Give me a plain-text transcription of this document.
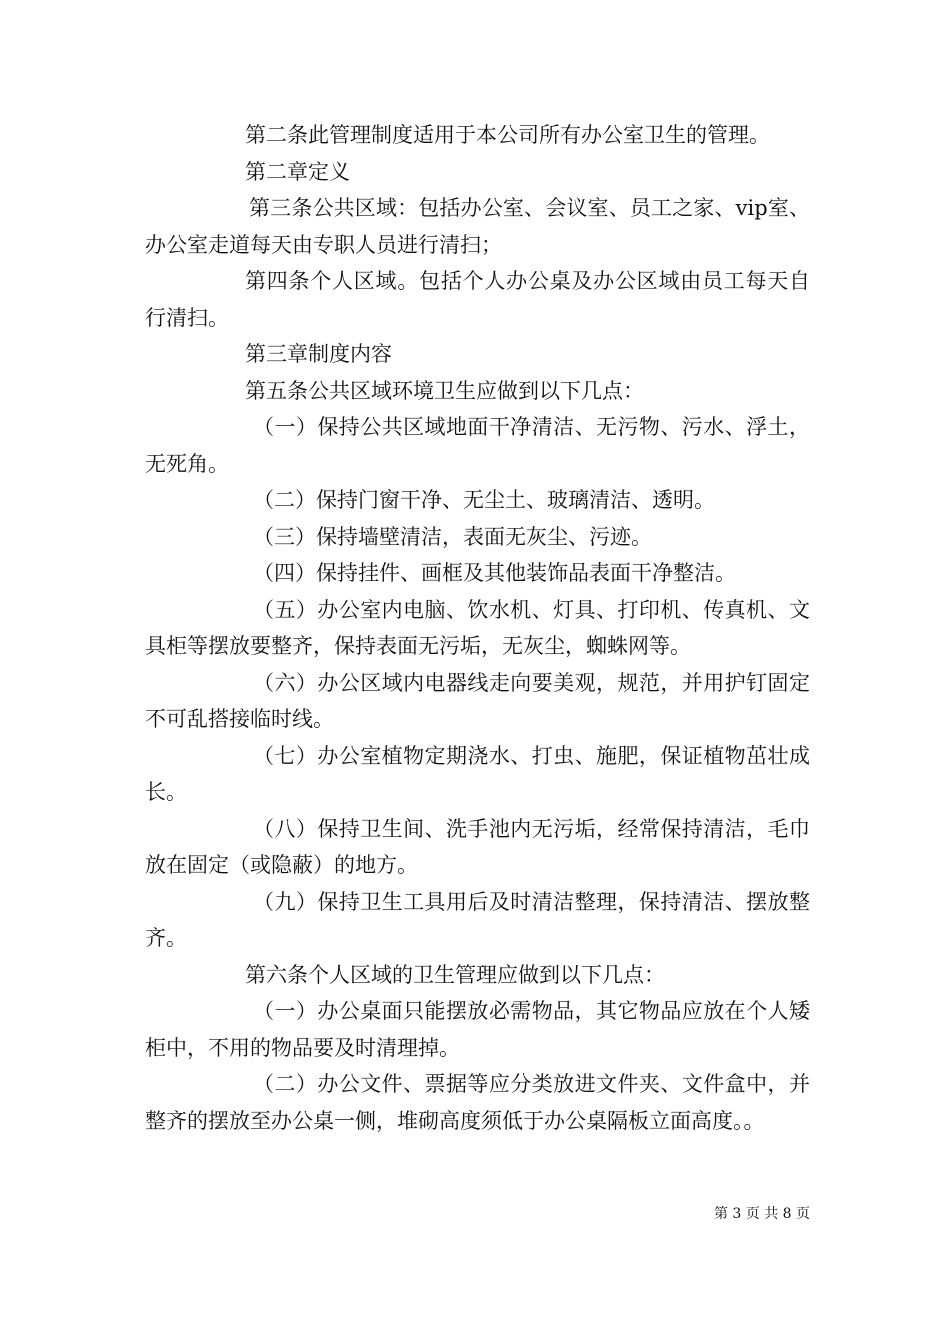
第二条此管理制度适用于本公司所有办公室卫生的管理。

第二章定义

第三条公共区域：包括办公室、会议室、员工之家、vip室、办公室走道每天由专职人员进行清扫；

第四条个人区域。包括个人办公桌及办公区域由员工每天自行清扫。

第三章制度内容

第五条公共区域环境卫生应做到以下几点：

（一）保持公共区域地面干净清洁、无污物、污水、浮土，无死角。

（二）保持门窗干净、无尘土、玻璃清洁、透明。

（三）保持墙壁清洁，表面无灰尘、污迹。

（四）保持挂件、画框及其他装饰品表面干净整洁。

（五）办公室内电脑、饮水机、灯具、打印机、传真机、文具柜等摆放要整齐，保持表面无污垢，无灰尘，蜘蛛网等。

（六）办公区域内电器线走向要美观，规范，并用护钉固定不可乱搭接临时线。

（七）办公室植物定期浇水、打虫、施肥，保证植物茁壮成长。

（八）保持卫生间、洗手池内无污垢，经常保持清洁，毛巾放在固定（或隐蔽）的地方。

（九）保持卫生工具用后及时清洁整理，保持清洁、摆放整齐。

第六条个人区域的卫生管理应做到以下几点：

（一）办公桌面只能摆放必需物品，其它物品应放在个人矮柜中，不用的物品要及时清理掉。

（二）办公文件、票据等应分类放进文件夹、文件盒中，并整齐的摆放至办公桌一侧，堆砌高度须低于办公桌隔板立面高度。。

第 3 页 共 8 页
